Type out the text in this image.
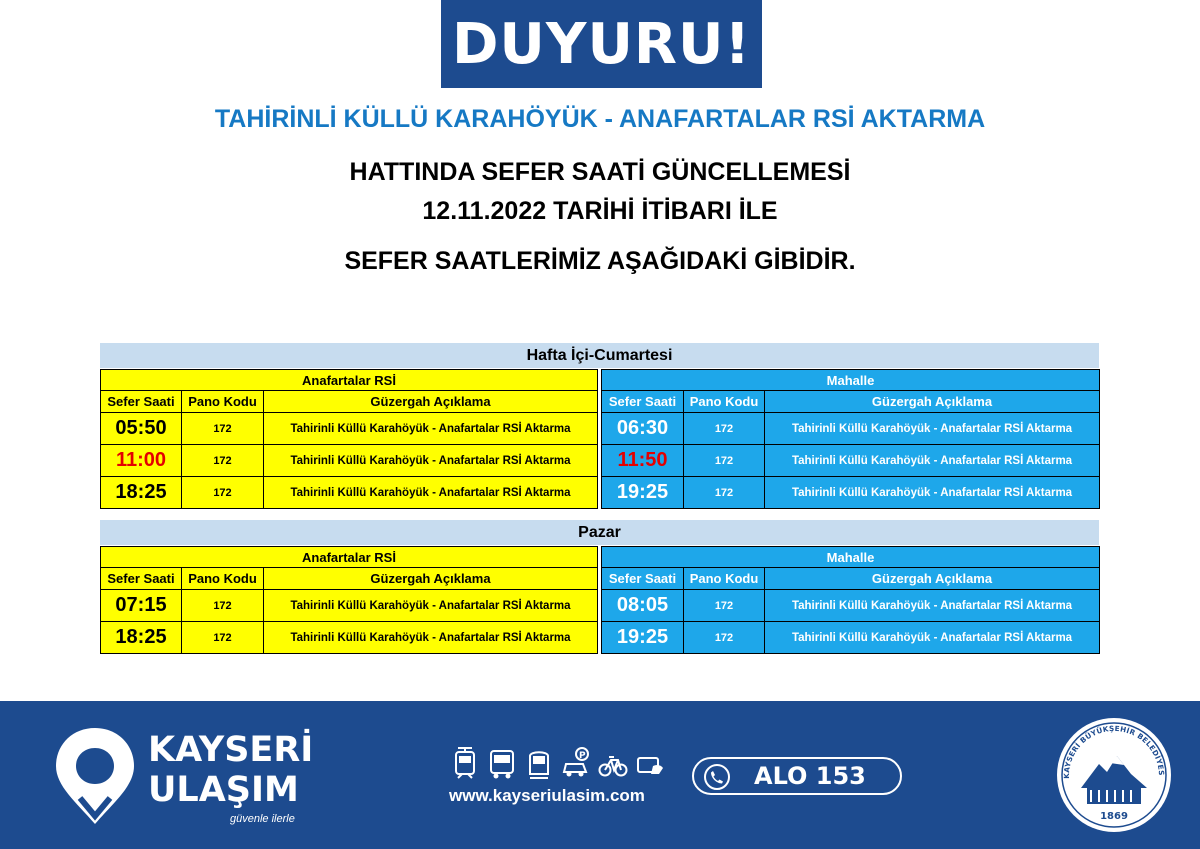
DUYURU!
TAHİRİNLİ KÜLLÜ KARAHÖYÜK - ANAFARTALAR RSİ AKTARMA
HATTINDA SEFER SAATİ GÜNCELLEMESİ
12.11.2022 TARİHİ İTİBARI İLE
SEFER SAATLERİMİZ AŞAĞIDAKİ GİBİDİR.
Hafta İçi-Cumartesi
Anafartalar RSİ		
Sefer Saati	Pano Kodu	Güzergah Açıklama
05:50	172	Tahirinli Küllü Karahöyük - Anafartalar RSİ Aktarma
11:00	172	Tahirinli Küllü Karahöyük - Anafartalar RSİ Aktarma
18:25	172	Tahirinli Küllü Karahöyük - Anafartalar RSİ Aktarma
Mahalle		
Sefer Saati	Pano Kodu	Güzergah Açıklama
06:30	172	Tahirinli Küllü Karahöyük - Anafartalar RSİ Aktarma
11:50	172	Tahirinli Küllü Karahöyük - Anafartalar RSİ Aktarma
19:25	172	Tahirinli Küllü Karahöyük - Anafartalar RSİ Aktarma
Pazar
Anafartalar RSİ		
Sefer Saati	Pano Kodu	Güzergah Açıklama
07:15	172	Tahirinli Küllü Karahöyük - Anafartalar RSİ Aktarma
18:25	172	Tahirinli Küllü Karahöyük - Anafartalar RSİ Aktarma
Mahalle		
Sefer Saati	Pano Kodu	Güzergah Açıklama
08:05	172	Tahirinli Küllü Karahöyük - Anafartalar RSİ Aktarma
19:25	172	Tahirinli Küllü Karahöyük - Anafartalar RSİ Aktarma
KAYSERİ
ULAŞIM
güvenle ilerle
P
www.kayseriulasim.com
ALO 153	KAYSERİ BÜYÜKŞEHİR BELEDİYES
1869
